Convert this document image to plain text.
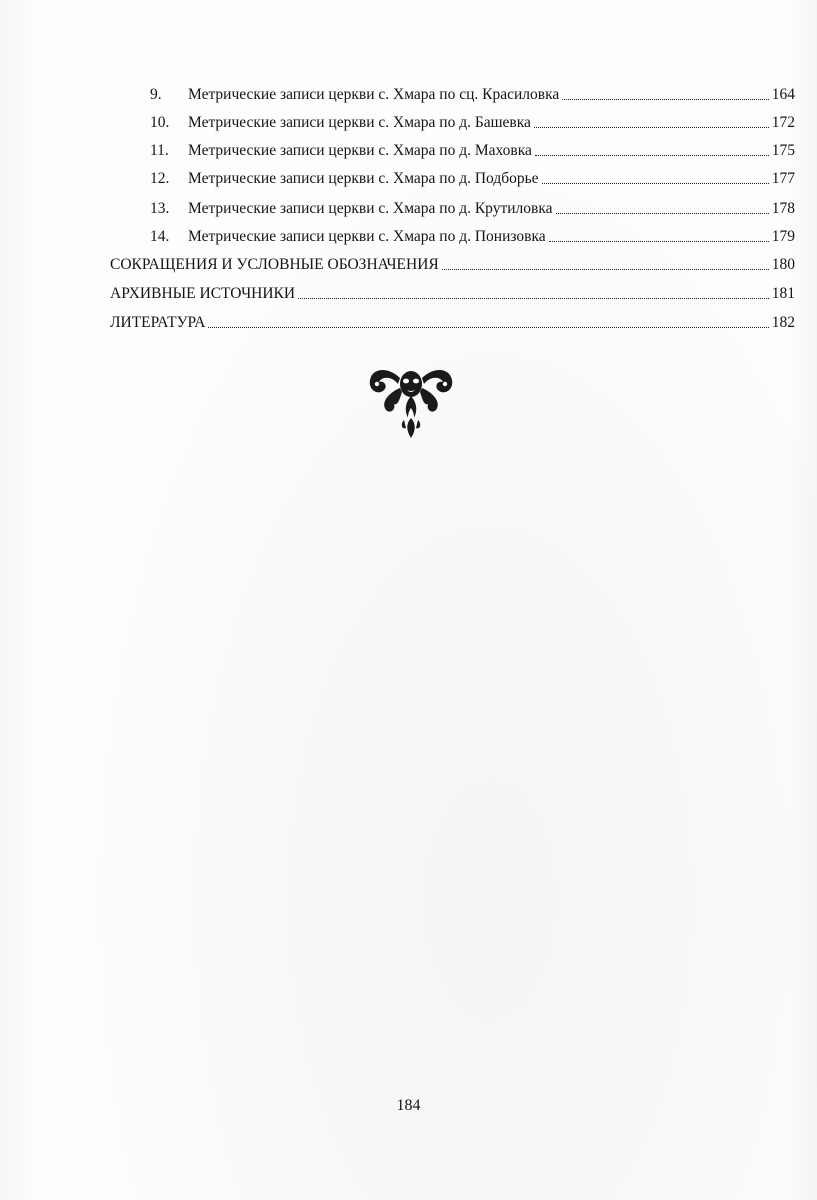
9.	Метрические записи церкви с. Хмара по сц. Красиловка	164
10.	Метрические записи церкви с. Хмара по д. Башевка	172
11.	Метрические записи церкви с. Хмара по д. Маховка	175
12.	Метрические записи церкви с. Хмара по д. Подборье	177
13.	Метрические записи церкви с. Хмара по д. Крутиловка	178
14.	Метрические записи церкви с. Хмара по д. Понизовка	179
СОКРАЩЕНИЯ И УСЛОВНЫЕ ОБОЗНАЧЕНИЯ	180
АРХИВНЫЕ ИСТОЧНИКИ	181
ЛИТЕРАТУРА	182
184
